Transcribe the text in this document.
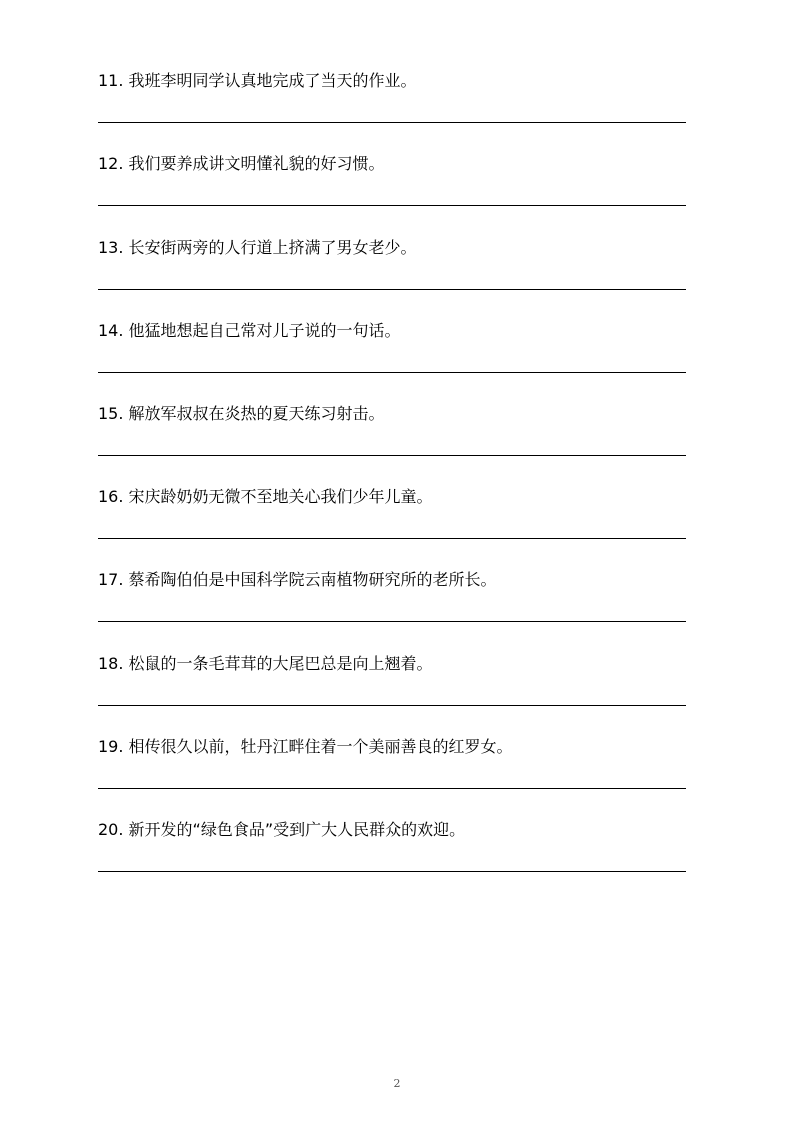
11. 我班李明同学认真地完成了当天的作业。

12. 我们要养成讲文明懂礼貌的好习惯。

13. 长安街两旁的人行道上挤满了男女老少。

14. 他猛地想起自己常对儿子说的一句话。

15. 解放军叔叔在炎热的夏天练习射击。

16. 宋庆龄奶奶无微不至地关心我们少年儿童。

17. 蔡希陶伯伯是中国科学院云南植物研究所的老所长。

18. 松鼠的一条毛茸茸的大尾巴总是向上翘着。

19. 相传很久以前，牡丹江畔住着一个美丽善良的红罗女。

20. 新开发的“绿色食品”受到广大人民群众的欢迎。

2
